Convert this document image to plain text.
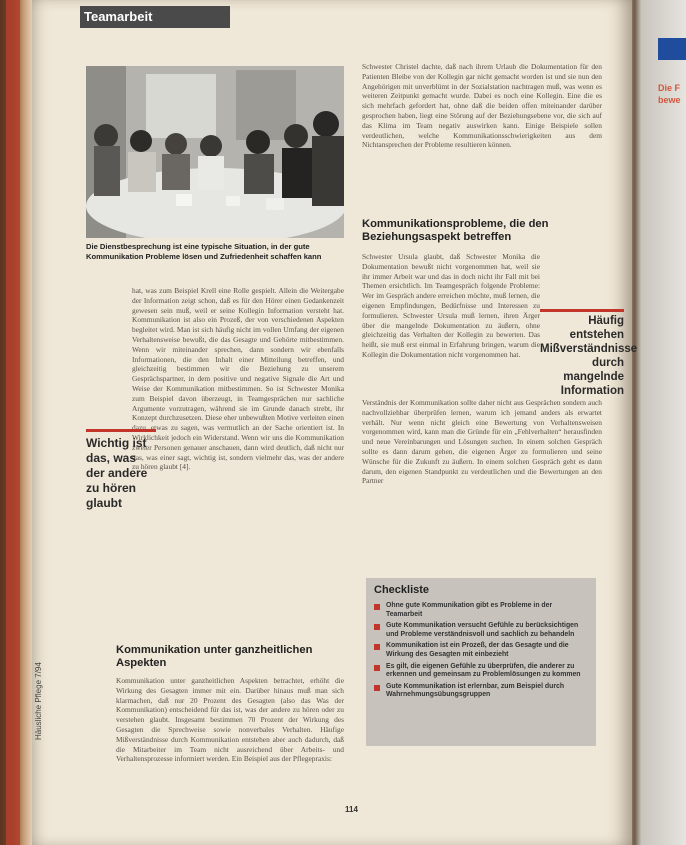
Teamarbeit
Die Dienstbesprechung ist eine typische Situation, in der gute Kommunikation Probleme lösen und Zufriedenheit schaffen kann
hat, was zum Beispiel Krell eine Rolle gespielt. Allein die Weitergabe der Information zeigt schon, daß es für den Hörer einen Gedankenzeit gewesen sein muß, weil er seine Kollegin Information versteht hat. Kommunikation ist also ein Prozeß, der von verschiedenen Aspekten begleitet wird. Man ist sich häufig nicht im vollen Umfang der eigenen Verhaltensweise bewußt, die das Gesagte und Gehörte mitbestimmen. Wenn wir miteinander sprechen, dann sondern wir ebenfalls Informationen, die den Inhalt einer Mitteilung betreffen, und gleichzeitig bestimmen wir die Beziehung zu unserem Gesprächspartner, in dem positive und negative Signale die Art und Weise der Kommunikation mitbestimmen. So ist Schwester Monika zum Beispiel davon überzeugt, in Teamgesprächen nur sachliche Argumente vorzutragen, während sie im Grunde danach strebt, ihr Konzept durchzusetzen. Diese eher unbewußten Motive verleiten einen dazu, etwas zu sagen, was vermutlich an der Sache orientiert ist. In Wirklichkeit jedoch ein Widerstand. Wenn wir uns die Kommunikation zweier Personen genauer anschauen, dann wird deutlich, daß nicht nur das, was einer sagt, wichtig ist, sondern vielmehr das, was der andere zu hören glaubt [4].
Wichtig ist das, was der andere zu hören glaubt
Kommunikation unter ganzheitlichen Aspekten
Kommunikation unter ganzheitlichen Aspekten betrachtet, erhöht die Wirkung des Gesagten immer mit ein. Darüber hinaus muß man sich klarmachen, daß nur 20 Prozent des Gesagten (also das Was der Kommunikation) entscheidend für das ist, was der andere zu hören oder zu verstehen glaubt. Insgesamt bestimmen 70 Prozent der Wirkung des Gesagten die Sprechweise sowie nonverbales Verhalten. Häufige Mißverständnisse durch Kommunikation entstehen aber auch dadurch, daß die Mitarbeiter im Team nicht ausreichend über Arbeits- und Verhaltensprozesse informiert werden. Ein Beispiel aus der Pflegepraxis:
Schwester Christel dachte, daß nach ihrem Urlaub die Dokumentation für den Patienten Bleibe von der Kollegin gar nicht gemacht worden ist und sie nun den Angehörigen mit unverblümt in der Sozialstation nachtragen muß, was wenn es weiteren Zeitpunkt gemacht wurde. Dabei es noch eine Kollegin. Eine die es sich mehrfach gefordert hat, ohne daß die beiden offen miteinander darüber gesprochen haben, liegt eine Störung auf der Beziehungsebene vor, die sich auf das Klima im Team negativ auswirken kann. Einige Beispiele sollen verdeutlichen, welche Kommunikationsschwierigkeiten aus dem Nichtansprechen der Probleme resultieren können.
Kommunikationsprobleme, die den Beziehungsaspekt betreffen
Schwester Ursula glaubt, daß Schwester Monika die Dokumentation bewußt nicht vorgenommen hat, weil sie ihr immer Arbeit war und das in doch nicht ihr Fall mit bei Themen ersichtlich. Im Teamgespräch folgende Probleme: Wer im Gespräch andere erreichen möchte, muß lernen, die eigenen Empfindungen, Bedürfnisse und Interessen zu formulieren. Schwester Ursula muß lernen, ihren Ärger über die mangelnde Dokumentation zu äußern, ohne gleichzeitig das Verhalten der Kollegin zu bewerten. Das heißt, sie muß erst einmal in Erfahrung bringen, warum die Kollegin die Dokumentation nicht vorgenommen hat.
Häufig entstehen Mißverständnisse durch mangelnde Information
Verständnis der Kommunikation sollte daher nicht aus Gesprächen sondern auch nachvollziehbar überprüfen lernen, warum ich jemand anders als erwartet verhält. Nur wenn nicht gleich eine Bewertung von Verhaltensweisen vorgenommen wird, kann man die Gründe für ein „Fehlverhalten“ herausfinden und neue Vereinbarungen und Lösungen suchen. In einem solchen Gespräch sollte es dann darum gehen, die eigenen Ärger zu formulieren und seine Wünsche für die Zukunft zu äußern. In einem solchen Gespräch geht es dann darum, den eigenen Standpunkt zu verdeutlichen und die Bewertungen an den Partner
Checkliste
Ohne gute Kommunikation gibt es Probleme in der Teamarbeit
Gute Kommunikation versucht Gefühle zu berücksichtigen und Probleme verständnisvoll und sachlich zu behandeln
Kommunikation ist ein Prozeß, der das Gesagte und die Wirkung des Gesagten mit einbezieht
Es gilt, die eigenen Gefühle zu überprüfen, die anderer zu erkennen und gemeinsam zu Problemlösungen zu kommen
Gute Kommunikation ist erlernbar, zum Beispiel durch Wahrnehmungsübungsgruppen
Häusliche Pflege 7/94
114
Die F bewe
